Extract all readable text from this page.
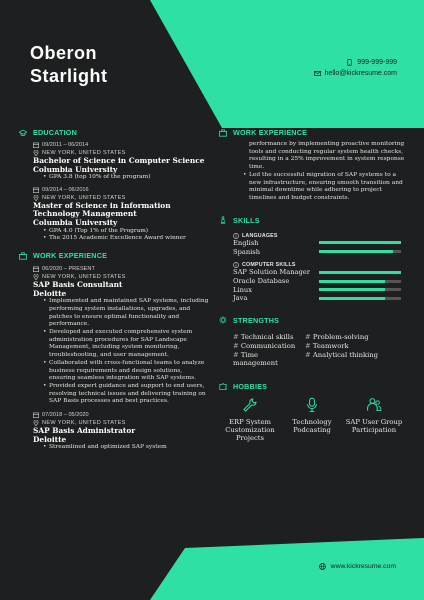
Oberon
Starlight
999-999-999
hello@kickresume.com
EDUCATION
09/2011 – 06/2014
NEW YORK, UNITED STATES
Bachelor of Science in Computer Science
Columbia University
• GPA 3.8 (top 10% of the program)
09/2014 – 06/2016
NEW YORK, UNITED STATES
Master of Science in Information Technology Management
Columbia University
• GPA 4.0 (Top 1% of the Program)
• The 2015 Academic Excellence Award winner
WORK EXPERIENCE
06/2020 – PRESENT
NEW YORK, UNITED STATES
SAP Basis Consultant
Deloitte
• Implemented and maintained SAP systems, including performing system installations, upgrades, and patches to ensure optimal functionality and performance.
• Developed and executed comprehensive system administration procedures for SAP Landscape Management, including system monitoring, troubleshooting, and user management.
• Collaborated with cross-functional teams to analyze business requirements and design solutions, ensuring seamless integration with SAP systems.
• Provided expert guidance and support to end users, resolving technical issues and delivering training on SAP Basis processes and best practices.
07/2018 – 05/2020
NEW YORK, UNITED STATES
SAP Basis Administrator
Deloitte
• Streamlined and optimized SAP system
WORK EXPERIENCE
performance by implementing proactive monitoring tools and conducting regular system health checks, resulting in a 25% improvement in system response time.
• Led the successful migration of SAP systems to a new infrastructure, ensuring smooth transition and minimal downtime while adhering to project timelines and budget constraints.
SKILLS
LANGUAGES
English
Spanish
COMPUTER SKILLS
SAP Solution Manager
Oracle Database
Linux
Java
STRENGTHS
# Technical skills	# Problem-solving
# Communication	# Teamwork
# Time management
# Analytical thinking
HOBBIES
ERP System Customization Projects
Technology Podcasting
SAP User Group Participation
www.kickresume.com
